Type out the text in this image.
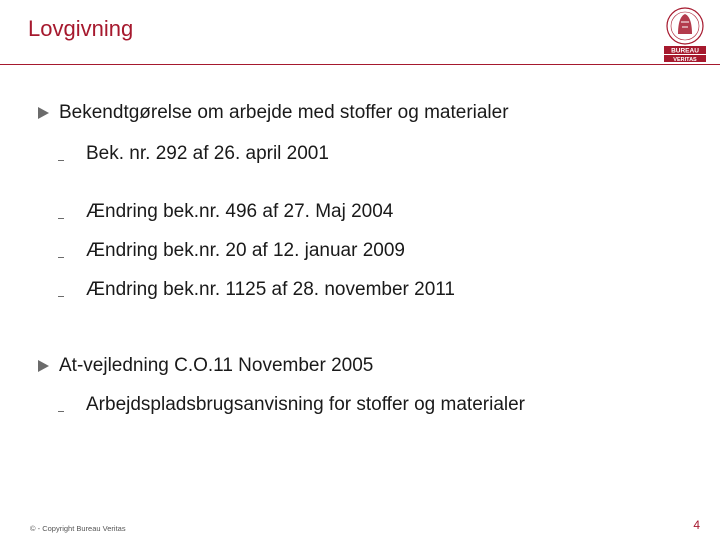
Lovgivning
BUREAU
VERITAS
Bekendtgørelse om arbejde med stoffer og materialer
Bek. nr. 292 af 26. april 2001
Ændring bek.nr. 496 af 27. Maj 2004
Ændring bek.nr. 20 af 12. januar 2009
Ændring bek.nr. 1125 af 28. november 2011
At-vejledning C.O.11 November 2005
Arbejdspladsbrugsanvisning for stoffer og materialer
© - Copyright Bureau Veritas	4
